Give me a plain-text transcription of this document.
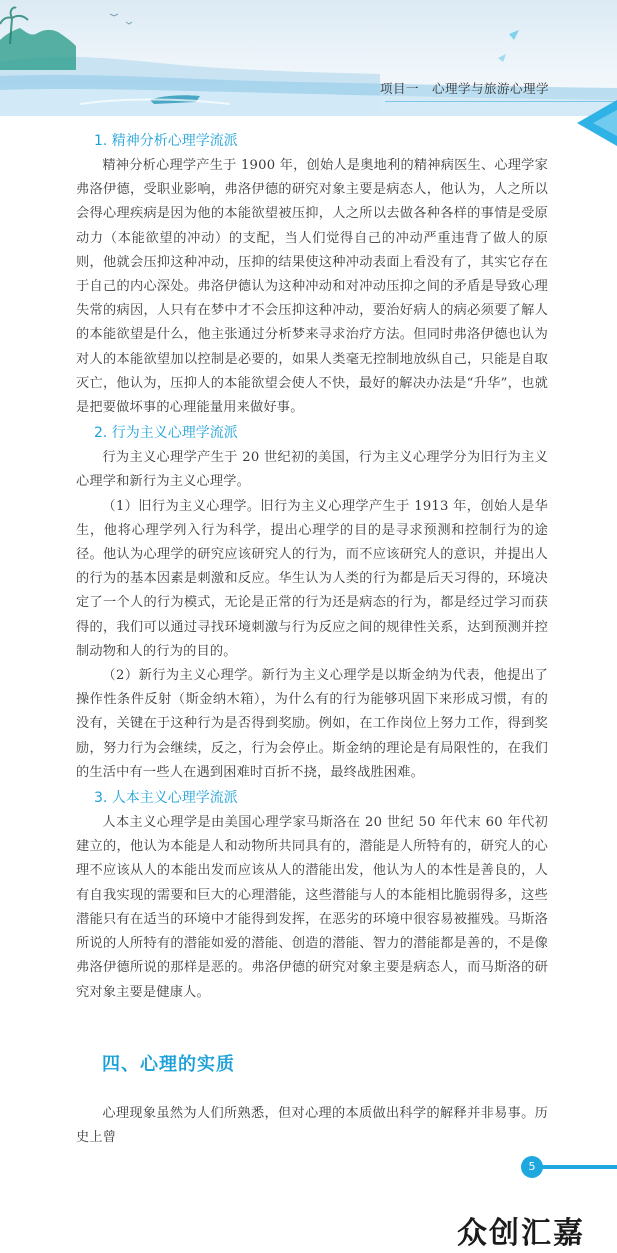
项目一　心理学与旅游心理学
1. 精神分析心理学流派

精神分析心理学产生于 1900 年，创始人是奥地利的精神病医生、心理学家弗洛伊德，受职业影响，弗洛伊德的研究对象主要是病态人，他认为，人之所以会得心理疾病是因为他的本能欲望被压抑，人之所以去做各种各样的事情是受原动力（本能欲望的冲动）的支配，当人们觉得自己的冲动严重违背了做人的原则，他就会压抑这种冲动，压抑的结果使这种冲动表面上看没有了，其实它存在于自己的内心深处。弗洛伊德认为这种冲动和对冲动压抑之间的矛盾是导致心理失常的病因，人只有在梦中才不会压抑这种冲动，要治好病人的病必须要了解人的本能欲望是什么，他主张通过分析梦来寻求治疗方法。但同时弗洛伊德也认为对人的本能欲望加以控制是必要的，如果人类毫无控制地放纵自己，只能是自取灭亡，他认为，压抑人的本能欲望会使人不快，最好的解决办法是“升华”，也就是把要做坏事的心理能量用来做好事。

2. 行为主义心理学流派

行为主义心理学产生于 20 世纪初的美国，行为主义心理学分为旧行为主义心理学和新行为主义心理学。

（1）旧行为主义心理学。旧行为主义心理学产生于 1913 年，创始人是华生，他将心理学列入行为科学，提出心理学的目的是寻求预测和控制行为的途径。他认为心理学的研究应该研究人的行为，而不应该研究人的意识，并提出人的行为的基本因素是刺激和反应。华生认为人类的行为都是后天习得的，环境决定了一个人的行为模式，无论是正常的行为还是病态的行为，都是经过学习而获得的，我们可以通过寻找环境刺激与行为反应之间的规律性关系，达到预测并控制动物和人的行为的目的。

（2）新行为主义心理学。新行为主义心理学是以斯金纳为代表，他提出了操作性条件反射（斯金纳木箱），为什么有的行为能够巩固下来形成习惯，有的没有，关键在于这种行为是否得到奖励。例如，在工作岗位上努力工作，得到奖励，努力行为会继续，反之，行为会停止。斯金纳的理论是有局限性的，在我们的生活中有一些人在遇到困难时百折不挠，最终战胜困难。

3. 人本主义心理学流派

人本主义心理学是由美国心理学家马斯洛在 20 世纪 50 年代末 60 年代初建立的，他认为本能是人和动物所共同具有的，潜能是人所特有的，研究人的心理不应该从人的本能出发而应该从人的潜能出发，他认为人的本性是善良的，人有自我实现的需要和巨大的心理潜能，这些潜能与人的本能相比脆弱得多，这些潜能只有在适当的环境中才能得到发挥，在恶劣的环境中很容易被摧残。马斯洛所说的人所特有的潜能如爱的潜能、创造的潜能、智力的潜能都是善的，不是像弗洛伊德所说的那样是恶的。弗洛伊德的研究对象主要是病态人，而马斯洛的研究对象主要是健康人。

四、心理的实质

心理现象虽然为人们所熟悉，但对心理的本质做出科学的解释并非易事。历史上曾

5

众创汇嘉
